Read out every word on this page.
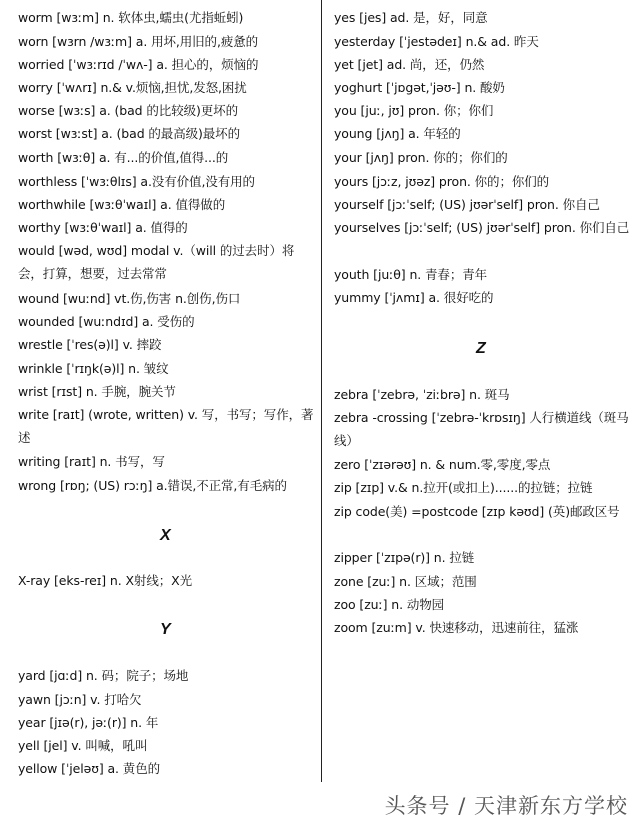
worm [wɜːm] n. 软体虫,蠕虫(尤指蚯蚓)
worn [wɜrn /wɜːm] a. 用坏,用旧的,疲惫的
worried [ˈwɜːrɪd /ˈwʌ-] a. 担心的，烦恼的
worry [ˈwʌrɪ] n.& v.烦恼,担忧,发怒,困扰
worse [wɜːs] a. (bad 的比较级)更坏的
worst [wɜːst] a. (bad 的最高级)最坏的
worth [wɜːθ] a. 有...的价值,值得...的
worthless [ˈwɜːθlɪs] a.没有价值,没有用的
worthwhile [wɜːθˈwaɪl] a. 值得做的
worthy [wɜːθˈwaɪl] a. 值得的
would [wəd, wʊd] modal v.（will 的过去时）将会，打算，想要，过去常常
wound [wuːnd] vt.伤,伤害 n.创伤,伤口
wounded [wuːndɪd] a. 受伤的
wrestle [ˈres(ə)l] v. 摔跤
wrinkle [ˈrɪŋk(ə)l] n. 皱纹
wrist [rɪst] n. 手腕，腕关节
write [raɪt] (wrote, written) v. 写，书写；写作，著述
writing [raɪt] n. 书写，写
wrong [rɒŋ; (US) rɔːŋ] a.错误,不正常,有毛病的
X
X-ray [eks-reɪ] n. X射线；X光
Y
yard [jɑːd] n. 码；院子；场地
yawn [jɔːn] v. 打哈欠
year [jɪə(r), jəː(r)] n. 年
yell [jel] v. 叫喊，吼叫
yellow [ˈjeləʊ] a. 黄色的
yes [jes] ad. 是，好，同意
yesterday [ˈjestədeɪ] n.& ad. 昨天
yet [jet] ad. 尚，还，仍然
yoghurt [ˈjɒgət,ˈjəʊ-] n. 酸奶
you [juː, jʊ] pron. 你；你们
young [jʌŋ] a. 年轻的
your [jʌŋ] pron. 你的；你们的
yours [jɔːz, jʊəz] pron. 你的；你们的
yourself [jɔːˈself; (US) jʊərˈself] pron. 你自己
yourselves [jɔːˈself; (US) jʊərˈself] pron. 你们自己
youth [juːθ] n. 青春；青年
yummy [ˈjʌmɪ] a. 很好吃的
Z
zebra [ˈzebrə, ˈziːbrə] n. 斑马
zebra -crossing [ˈzebrə-ˈkrɒsɪŋ] 人行横道线（斑马线）
zero [ˈzɪərəʊ] n. & num.零,零度,零点
zip [zɪp] v.& n.拉开(或扣上)......的拉链；拉链
zip code(美) =postcode [zɪp kəʊd] (英)邮政区号
zipper [ˈzɪpə(r)] n. 拉链
zone [zuː] n. 区域；范围
zoo [zuː] n. 动物园
zoom [zuːm] v. 快速移动，迅速前往，猛涨
头条号 / 天津新东方学校
